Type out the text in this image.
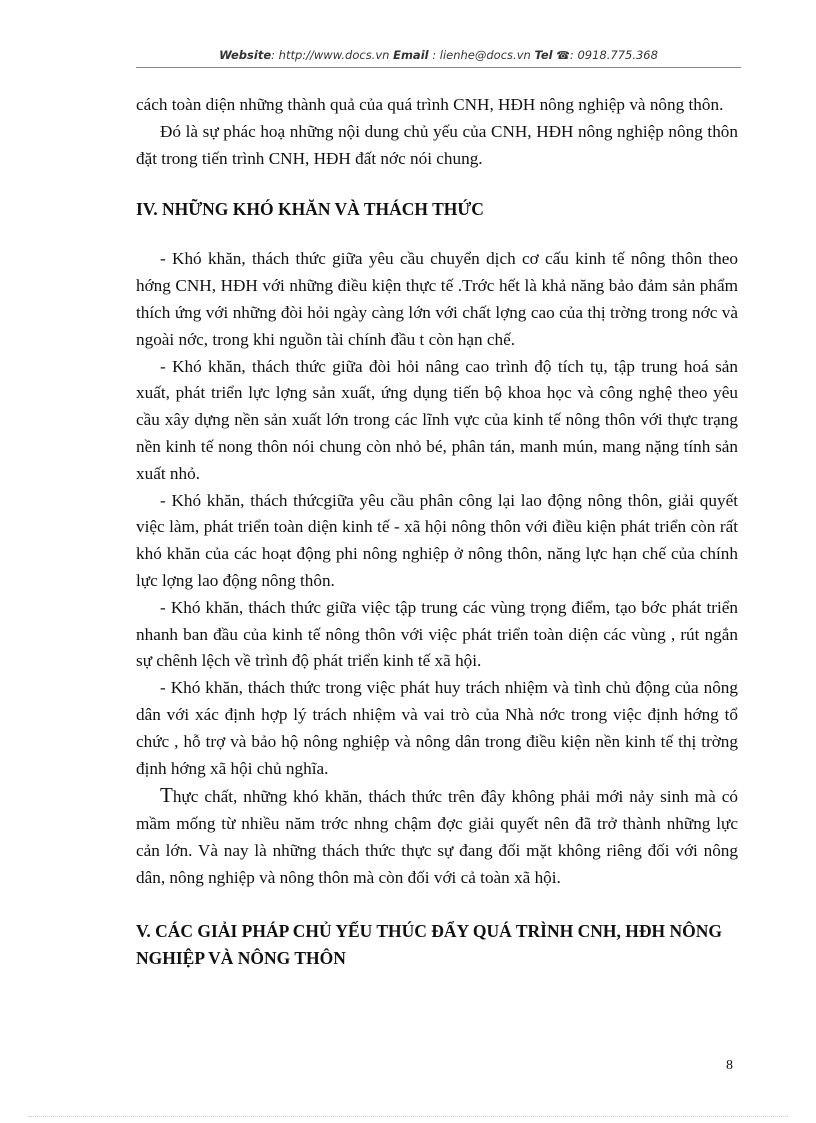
Website: http://www.docs.vn Email : lienhe@docs.vn Tel ☎: 0918.775.368

cách toàn diện những thành quả của quá trình CNH, HĐH nông nghiệp và nông thôn.

Đó là sự phác hoạ những nội dung chủ yếu của CNH, HĐH nông nghiệp nông thôn đặt trong tiến trình CNH, HĐH đất nớc nói chung.

IV. NHỮNG KHÓ KHĂN VÀ THÁCH THỨC

- Khó khăn, thách thức giữa yêu cầu chuyển dịch cơ cấu kinh tế nông thôn theo hớng CNH, HĐH với những điều kiện thực tế .Trớc hết là khả năng bảo đảm sản phẩm thích ứng với những đòi hỏi ngày càng lớn với chất lợng cao của thị trờng trong nớc và ngoài nớc, trong khi nguồn tài chính đầu t còn hạn chế.

- Khó khăn, thách thức giữa đòi hỏi nâng cao trình độ tích tụ, tập trung hoá sản xuất, phát triển lực lợng sản xuất, ứng dụng tiến bộ khoa học và công nghệ theo yêu cầu xây dựng nền sản xuất lớn trong các lĩnh vực của kinh tế nông thôn với thực trạng nền kinh tế nong thôn nói chung còn nhỏ bé, phân tán, manh mún, mang nặng tính sản xuất nhỏ.

- Khó khăn, thách thứcgiữa yêu cầu phân công lại lao động nông thôn, giải quyết việc làm, phát triển toàn diện kinh tế - xã hội nông thôn với điều kiện phát triển còn rất khó khăn của các hoạt động phi nông nghiệp ở nông thôn, năng lực hạn chế của chính lực lợng lao động nông thôn.

- Khó khăn, thách thức giữa việc tập trung các vùng trọng điểm, tạo bớc phát triển nhanh ban đầu của kinh tế nông thôn với việc phát triển toàn diện các vùng , rút ngắn sự chênh lệch về trình độ phát triển kinh tế xã hội.

- Khó khăn, thách thức trong việc phát huy trách nhiệm và tình chủ động của nông dân với xác định hợp lý trách nhiệm và vai trò của Nhà nớc trong việc định hớng tổ chức , hỗ trợ và bảo hộ nông nghiệp và nông dân trong điều kiện nền kinh tế thị trờng định hớng xã hội chủ nghĩa.

Thực chất, những khó khăn, thách thức trên đây không phải mới nảy sinh mà có mầm mống từ nhiều năm trớc nhng chậm đợc giải quyết nên đã trở thành những lực cản lớn. Và nay là những thách thức thực sự đang đối mặt không riêng đối với nông dân, nông nghiệp và nông thôn mà còn đối với cả toàn xã hội.

V. CÁC GIẢI PHÁP CHỦ YẾU THÚC ĐẨY QUÁ TRÌNH CNH, HĐH NÔNG NGHIỆP VÀ NÔNG THÔN
8
